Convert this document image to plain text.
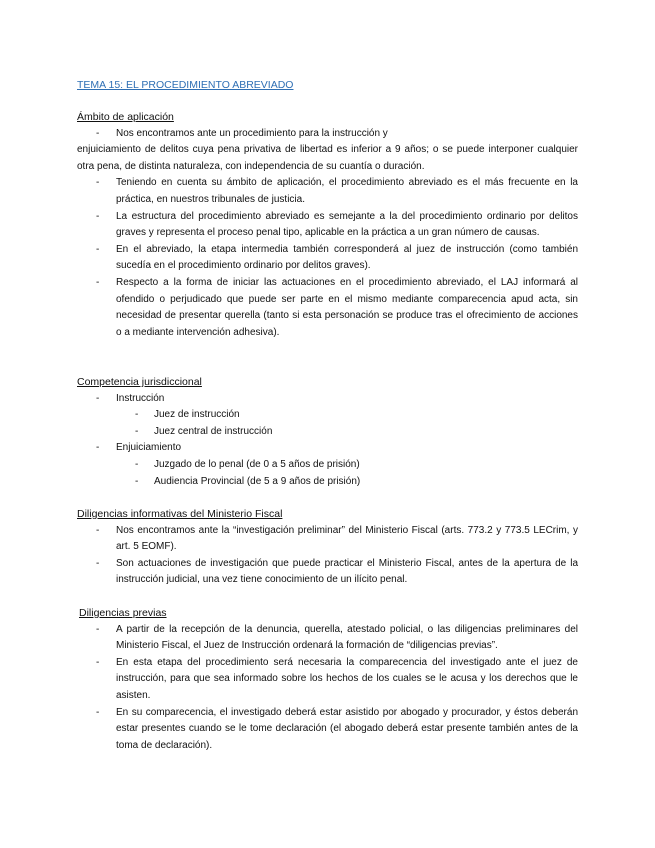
TEMA 15: EL PROCEDIMIENTO ABREVIADO
Ámbito de aplicación
- Nos encontramos ante un procedimiento para la instrucción y
enjuiciamiento de delitos cuya pena privativa de libertad es inferior a 9 años; o se puede interponer cualquier otra pena, de distinta naturaleza, con independencia de su cuantía o duración.
- Teniendo en cuenta su ámbito de aplicación, el procedimiento abreviado es el más frecuente en la práctica, en nuestros tribunales de justicia.
- La estructura del procedimiento abreviado es semejante a la del procedimiento ordinario por delitos graves y representa el proceso penal tipo, aplicable en la práctica a un gran número de causas.
- En el abreviado, la etapa intermedia también corresponderá al juez de instrucción (como también sucedía en el procedimiento ordinario por delitos graves).
- Respecto a la forma de iniciar las actuaciones en el procedimiento abreviado, el LAJ informará al ofendido o perjudicado que puede ser parte en el mismo mediante comparecencia apud acta, sin necesidad de presentar querella (tanto si esta personación se produce tras el ofrecimiento de acciones o a mediante intervención adhesiva).
Competencia jurisdiccional
- Instrucción
- Juez de instrucción
- Juez central de instrucción
- Enjuiciamiento
- Juzgado de lo penal (de 0 a 5 años de prisión)
- Audiencia Provincial (de 5 a 9 años de prisión)
Diligencias informativas del Ministerio Fiscal
- Nos encontramos ante la “investigación preliminar” del Ministerio Fiscal (arts. 773.2 y 773.5 LECrim, y art. 5 EOMF).
- Son actuaciones de investigación que puede practicar el Ministerio Fiscal, antes de la apertura de la instrucción judicial, una vez tiene conocimiento de un ilícito penal.
Diligencias previas
- A partir de la recepción de la denuncia, querella, atestado policial, o las diligencias preliminares del Ministerio Fiscal, el Juez de Instrucción ordenará la formación de “diligencias previas”.
- En esta etapa del procedimiento será necesaria la comparecencia del investigado ante el juez de instrucción, para que sea informado sobre los hechos de los cuales se le acusa y los derechos que le asisten.
- En su comparecencia, el investigado deberá estar asistido por abogado y procurador, y éstos deberán estar presentes cuando se le tome declaración (el abogado deberá estar presente también antes de la toma de declaración).
